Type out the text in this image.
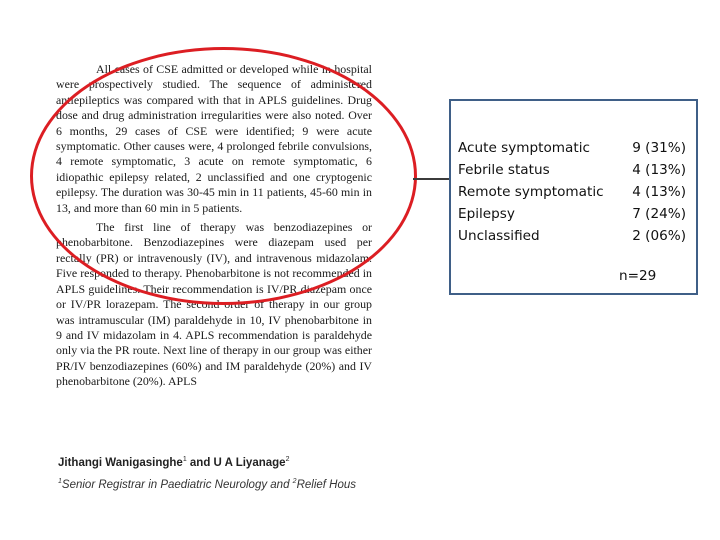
All cases of CSE admitted or developed while in hospital were prospectively studied. The sequence of administered antiepileptics was compared with that in APLS guidelines. Drug dose and drug administration irregularities were also noted. Over 6 months, 29 cases of CSE were identified; 9 were acute symptomatic. Other causes were, 4 prolonged febrile convulsions, 4 remote symptomatic, 3 acute on remote symptomatic, 6 idiopathic epilepsy related, 2 unclassified and one cryptogenic epilepsy. The duration was 30-45 min in 11 patients, 45-60 min in 13, and more than 60 min in 5 patients.

The first line of therapy was benzodiazepines or phenobarbitone. Benzodiazepines were diazepam used per rectally (PR) or intravenously (IV), and intravenous midazolam. Five responded to therapy. Phenobarbitone is not recommended in APLS guidelines. Their recommendation is IV/PR diazepam once or IV/PR lorazepam. The second order of therapy in our group was intramuscular (IM) paraldehyde in 10, IV phenobarbitone in 9 and IV midazolam in 4. APLS recommendation is paraldehyde only via the PR route. Next line of therapy in our group was either PR/IV benzodiazepines (60%) and IM paraldehyde (20%) and IV phenobarbitone (20%). APLS

Jithangi Wanigasinghe$^1$ and U A Liyanage$^2$
$^1$Senior Registrar in Paediatric Neurology and $^2$Relief Hous
Acute symptomatic	9 (31%)
Febrile status	4 (13%)
Remote symptomatic 4 (13%)
Epilepsy	7 (24%)
Unclassified	2 (06%)
n=29
